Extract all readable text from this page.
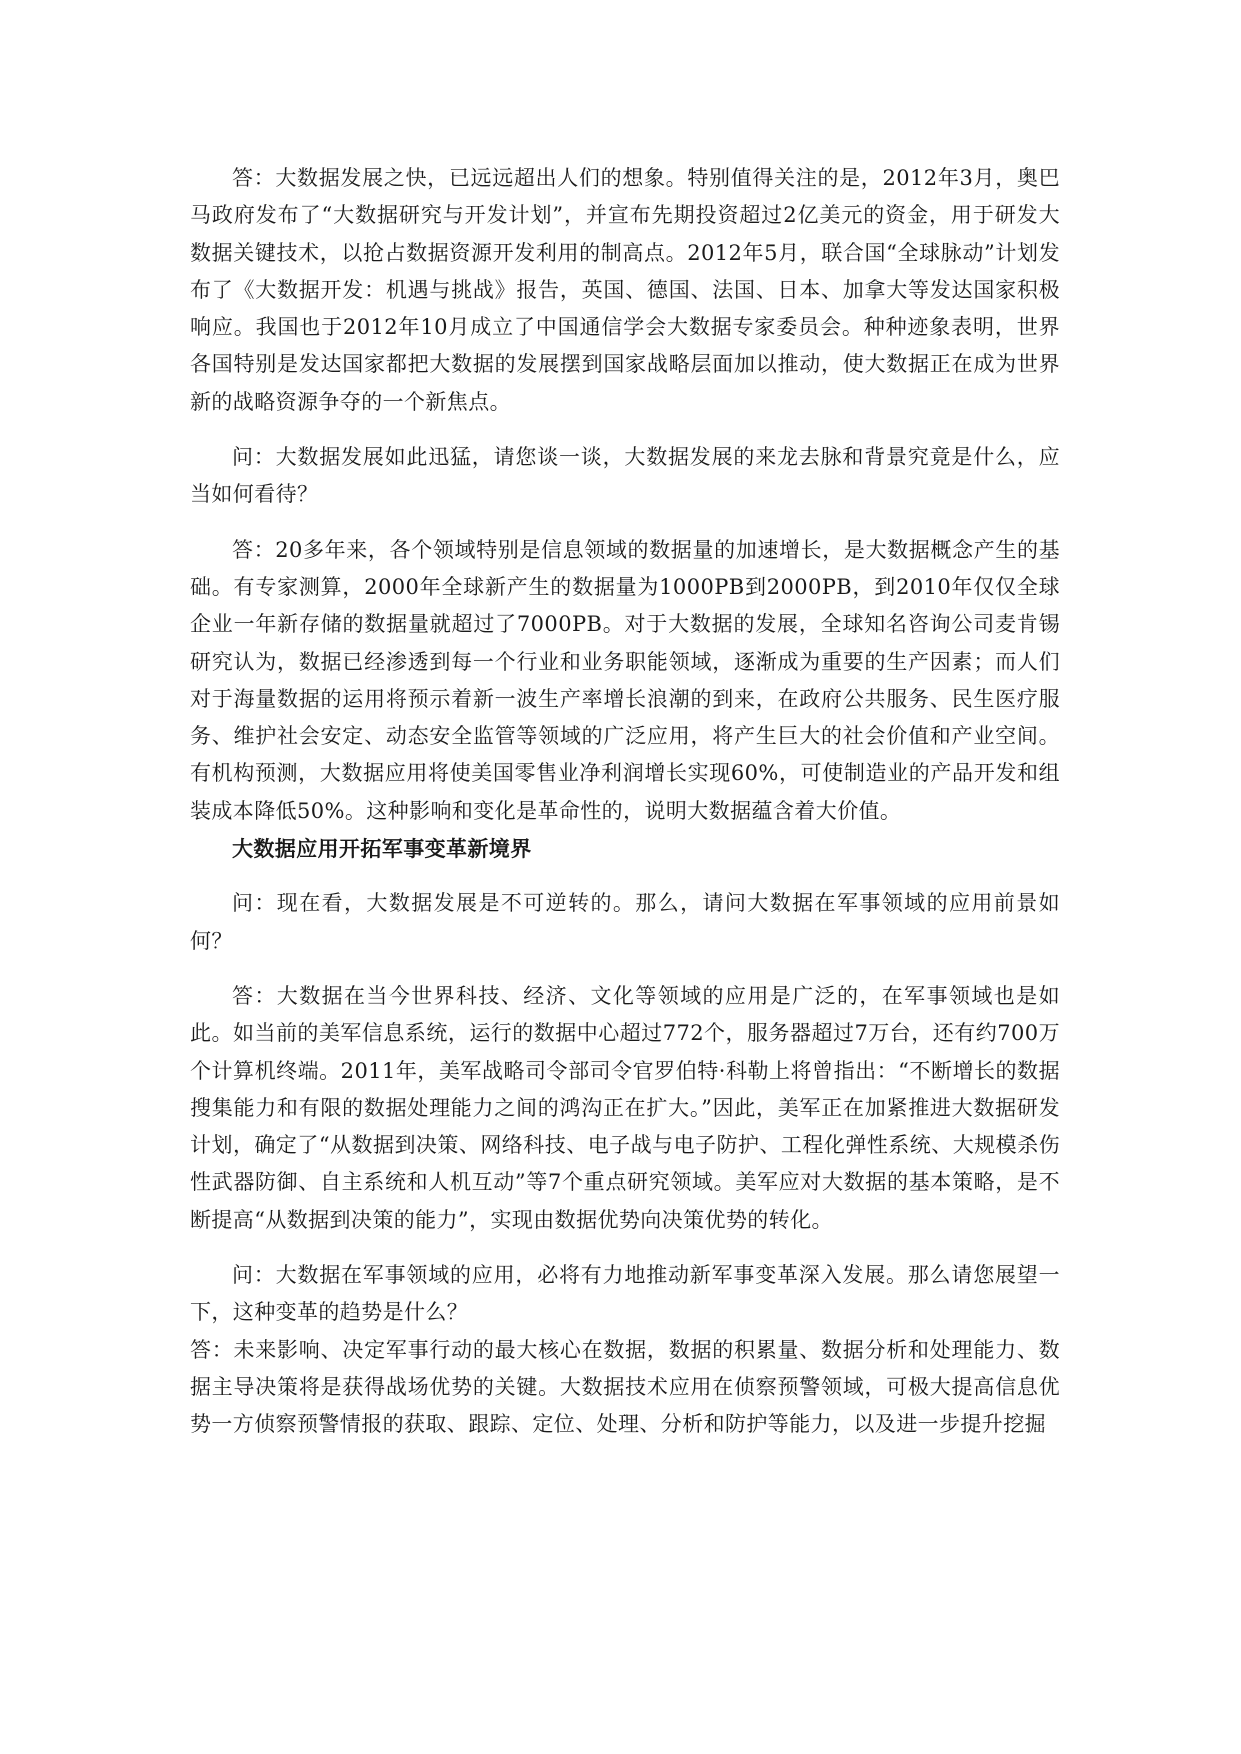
答：大数据发展之快，已远远超出人们的想象。特别值得关注的是，2012年3月，奥巴马政府发布了“大数据研究与开发计划”，并宣布先期投资超过2亿美元的资金，用于研发大数据关键技术，以抢占数据资源开发利用的制高点。2012年5月，联合国“全球脉动”计划发布了《大数据开发：机遇与挑战》报告，英国、德国、法国、日本、加拿大等发达国家积极响应。我国也于2012年10月成立了中国通信学会大数据专家委员会。种种迹象表明，世界各国特别是发达国家都把大数据的发展摆到国家战略层面加以推动，使大数据正在成为世界新的战略资源争夺的一个新焦点。

问：大数据发展如此迅猛，请您谈一谈，大数据发展的来龙去脉和背景究竟是什么，应当如何看待？

答：20多年来，各个领域特别是信息领域的数据量的加速增长，是大数据概念产生的基础。有专家测算，2000年全球新产生的数据量为1000PB到2000PB，到2010年仅仅全球企业一年新存储的数据量就超过了7000PB。对于大数据的发展，全球知名咨询公司麦肯锡研究认为，数据已经渗透到每一个行业和业务职能领域，逐渐成为重要的生产因素；而人们对于海量数据的运用将预示着新一波生产率增长浪潮的到来，在政府公共服务、民生医疗服务、维护社会安定、动态安全监管等领域的广泛应用，将产生巨大的社会价值和产业空间。有机构预测，大数据应用将使美国零售业净利润增长实现60%，可使制造业的产品开发和组装成本降低50%。这种影响和变化是革命性的，说明大数据蕴含着大价值。

大数据应用开拓军事变革新境界

问：现在看，大数据发展是不可逆转的。那么，请问大数据在军事领域的应用前景如何？

答：大数据在当今世界科技、经济、文化等领域的应用是广泛的，在军事领域也是如此。如当前的美军信息系统，运行的数据中心超过772个，服务器超过7万台，还有约700万个计算机终端。2011年，美军战略司令部司令官罗伯特·科勒上将曾指出：“不断增长的数据搜集能力和有限的数据处理能力之间的鸿沟正在扩大。”因此，美军正在加紧推进大数据研发计划，确定了“从数据到决策、网络科技、电子战与电子防护、工程化弹性系统、大规模杀伤性武器防御、自主系统和人机互动”等7个重点研究领域。美军应对大数据的基本策略，是不断提高“从数据到决策的能力”，实现由数据优势向决策优势的转化。

问：大数据在军事领域的应用，必将有力地推动新军事变革深入发展。那么请您展望一下，这种变革的趋势是什么？

答：未来影响、决定军事行动的最大核心在数据，数据的积累量、数据分析和处理能力、数据主导决策将是获得战场优势的关键。大数据技术应用在侦察预警领域，可极大提高信息优势一方侦察预警情报的获取、跟踪、定位、处理、分析和防护等能力，以及进一步提升挖掘
